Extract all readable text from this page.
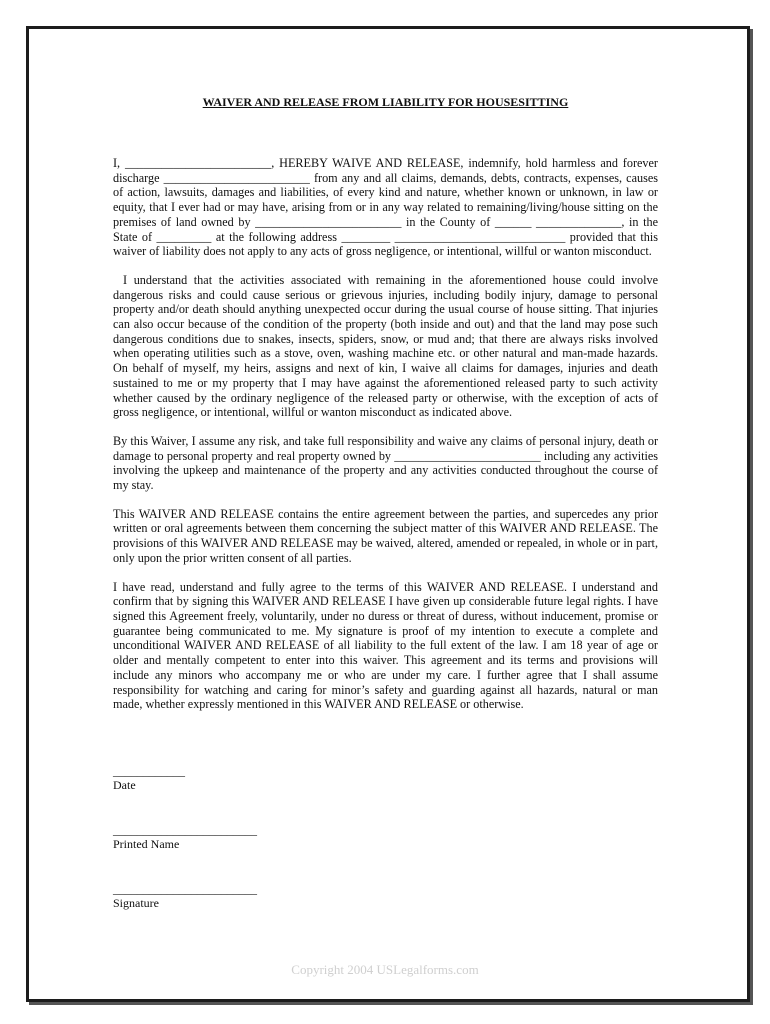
WAIVER AND RELEASE FROM LIABILITY FOR HOUSESITTING

I, ________________________, HEREBY WAIVE AND RELEASE, indemnify, hold harmless and forever discharge ________________________ from any and all claims, demands, debts, contracts, expenses, causes of action, lawsuits, damages and liabilities, of every kind and nature, whether known or unknown, in law or equity, that I ever had or may have, arising from or in any way related to remaining/living/house sitting on the premises of land owned by ________________________ in the County of ______ ______________, in the State of _________ at the following address ________ ____________________________ provided that this waiver of liability does not apply to any acts of gross negligence, or intentional, willful or wanton misconduct.

I understand that the activities associated with remaining in the aforementioned house could involve dangerous risks and could cause serious or grievous injuries, including bodily injury, damage to personal property and/or death should anything unexpected occur during the usual course of house sitting. That injuries can also occur because of the condition of the property (both inside and out) and that the land may pose such dangerous conditions due to snakes, insects, spiders, snow, or mud and; that there are always risks involved when operating utilities such as a stove, oven, washing machine etc. or other natural and man-made hazards. On behalf of myself, my heirs, assigns and next of kin, I waive all claims for damages, injuries and death sustained to me or my property that I may have against the aforementioned released party to such activity whether caused by the ordinary negligence of the released party or otherwise, with the exception of acts of gross negligence, or intentional, willful or wanton misconduct as indicated above.

By this Waiver, I assume any risk, and take full responsibility and waive any claims of personal injury, death or damage to personal property and real property owned by ________________________ including any activities involving the upkeep and maintenance of the property and any activities conducted throughout the course of my stay.

This WAIVER AND RELEASE contains the entire agreement between the parties, and supercedes any prior written or oral agreements between them concerning the subject matter of this WAIVER AND RELEASE. The provisions of this WAIVER AND RELEASE may be waived, altered, amended or repealed, in whole or in part, only upon the prior written consent of all parties.

I have read, understand and fully agree to the terms of this WAIVER AND RELEASE. I understand and confirm that by signing this WAIVER AND RELEASE I have given up considerable future legal rights. I have signed this Agreement freely, voluntarily, under no duress or threat of duress, without inducement, promise or guarantee being communicated to me. My signature is proof of my intention to execute a complete and unconditional WAIVER AND RELEASE of all liability to the full extent of the law. I am 18 year of age or older and mentally competent to enter into this waiver. This agreement and its terms and provisions will include any minors who accompany me or who are under my care. I further agree that I shall assume responsibility for watching and caring for minor’s safety and guarding against all hazards, natural or man made, whether expressly mentioned in this WAIVER AND RELEASE or otherwise.

____________
Date
________________________
Printed Name
________________________
Signature
Copyright 2004 USLegalforms.com
